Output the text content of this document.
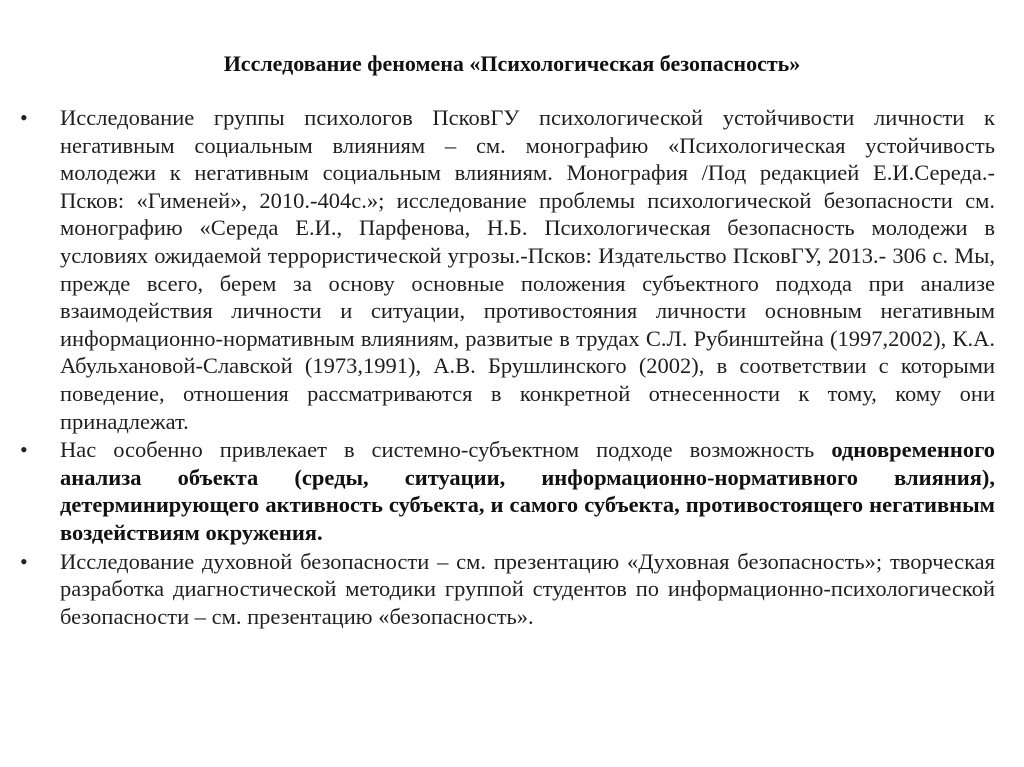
Исследование феномена «Психологическая безопасность»
• Исследование группы психологов ПсковГУ психологической устойчивости личности к негативным социальным влияниям – см. монографию «Психологическая устойчивость молодежи к негативным социальным влияниям. Монография /Под редакцией Е.И.Середа.- Псков: «Гименей», 2010.-404с.»; исследование проблемы психологической безопасности см. монографию «Середа Е.И., Парфенова, Н.Б. Психологическая безопасность молодежи в условиях ожидаемой террористической угрозы.-Псков: Издательство ПсковГУ, 2013.- 306 с. Мы, прежде всего, берем за основу основные положения субъектного подхода при анализе взаимодействия личности и ситуации, противостояния личности основным негативным информационно-нормативным влияниям, развитые в трудах С.Л. Рубинштейна (1997,2002), К.А. Абульхановой-Славской (1973,1991), А.В. Брушлинского (2002), в соответствии с которыми поведение, отношения рассматриваются в конкретной отнесенности к тому, кому они принадлежат.
• Нас особенно привлекает в системно-субъектном подходе возможность одновременного анализа объекта (среды, ситуации, информационно-нормативного влияния), детерминирующего активность субъекта, и самого субъекта, противостоящего негативным воздействиям окружения.
• Исследование духовной безопасности – см. презентацию «Духовная безопасность»; творческая разработка диагностической методики группой студентов по информационно-психологической безопасности – см. презентацию «безопасность».
